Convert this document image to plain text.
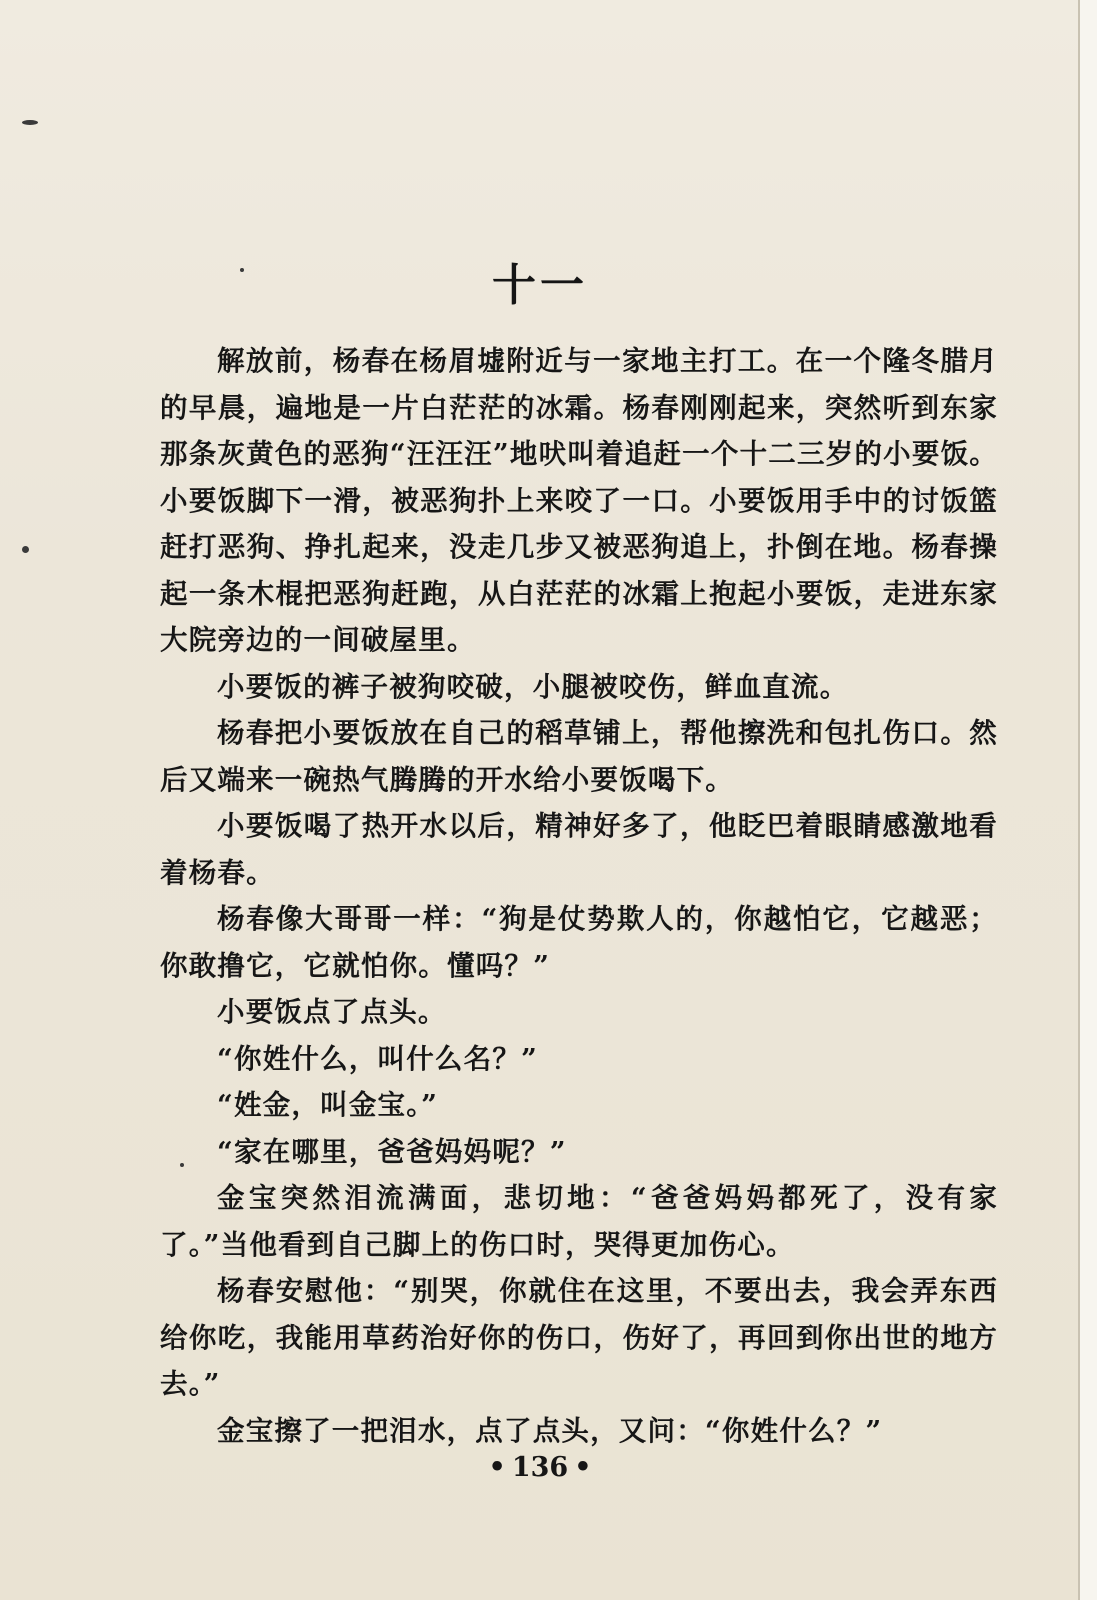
十一

解放前，杨春在杨眉墟附近与一家地主打工。在一个隆冬腊月的早晨，遍地是一片白茫茫的冰霜。杨春刚刚起来，突然听到东家那条灰黄色的恶狗“汪汪汪”地吠叫着追赶一个十二三岁的小要饭。小要饭脚下一滑，被恶狗扑上来咬了一口。小要饭用手中的讨饭篮赶打恶狗、挣扎起来，没走几步又被恶狗追上，扑倒在地。杨春操起一条木棍把恶狗赶跑，从白茫茫的冰霜上抱起小要饭，走进东家大院旁边的一间破屋里。

小要饭的裤子被狗咬破，小腿被咬伤，鲜血直流。

杨春把小要饭放在自己的稻草铺上，帮他擦洗和包扎伤口。然后又端来一碗热气腾腾的开水给小要饭喝下。

小要饭喝了热开水以后，精神好多了，他眨巴着眼睛感激地看着杨春。

杨春像大哥哥一样：“狗是仗势欺人的，你越怕它，它越恶；你敢撸它，它就怕你。懂吗？”

小要饭点了点头。

“你姓什么，叫什么名？”

“姓金，叫金宝。”

“家在哪里，爸爸妈妈呢？”

金宝突然泪流满面，悲切地：“爸爸妈妈都死了，没有家了。”当他看到自己脚上的伤口时，哭得更加伤心。

杨春安慰他：“别哭，你就住在这里，不要出去，我会弄东西给你吃，我能用草药治好你的伤口，伤好了，再回到你出世的地方去。”

金宝擦了一把泪水，点了点头，又问：“你姓什么？”

• 136 •
